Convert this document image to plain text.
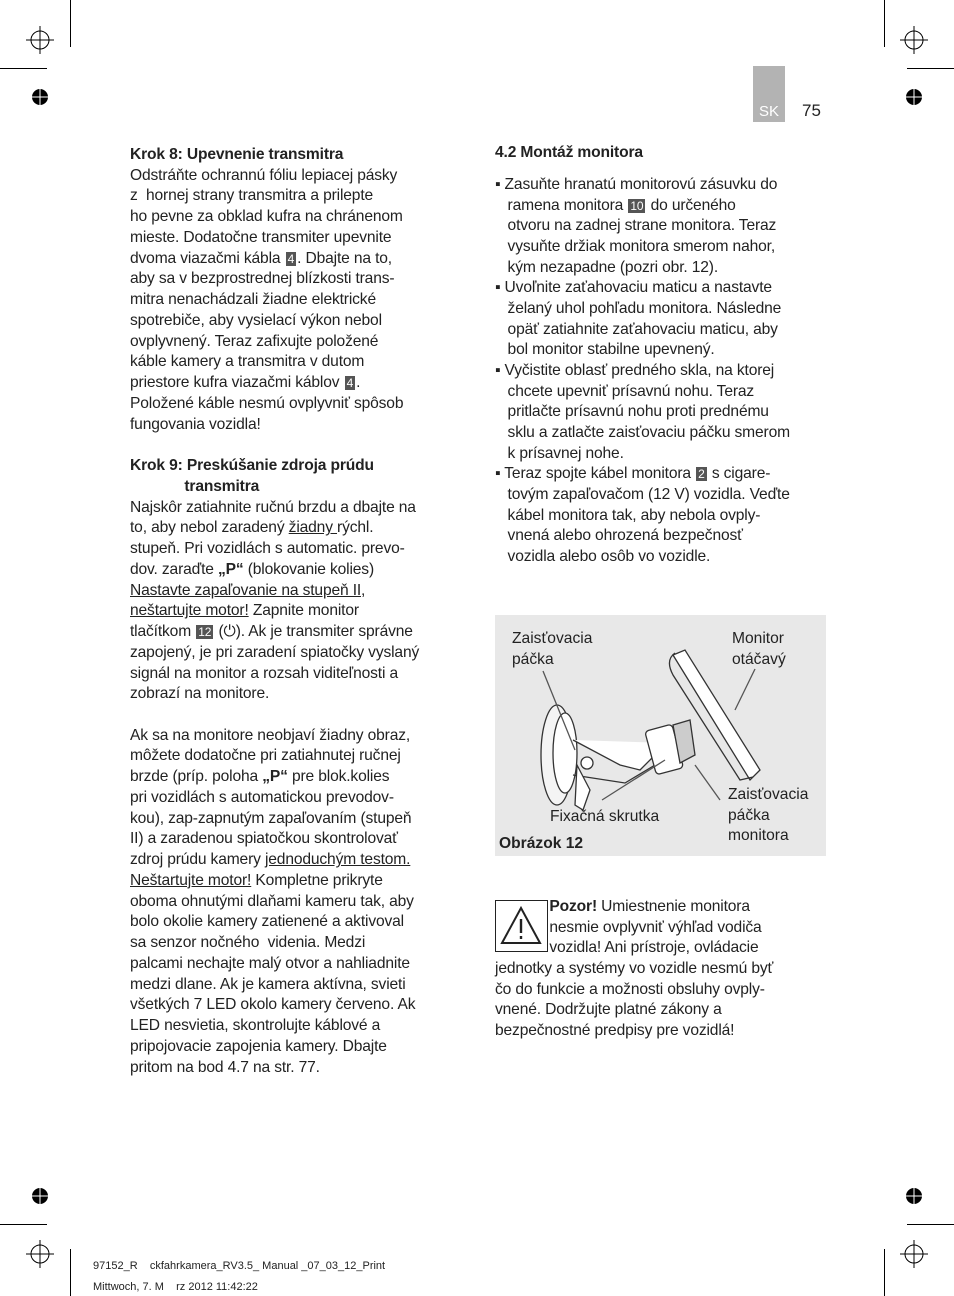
SK 75
Krok 8: Upevnenie transmitra
Odstráňte ochrannú fóliu lepiacej pásky
z  hornej strany transmitra a prilepte
ho pevne za obklad kufra na chránenom
mieste. Dodatočne transmiter upevnite
dvoma viazačmi kábla 4 . Dbajte na to,
aby sa v bezprostrednej blízkosti trans-
mitra nenachádzali žiadne elektrické
spotrebiče, aby vysielací výkon nebol
ovplyvnený. Teraz zafixujte položené
káble kamery a transmitra v dutom
priestore kufra viazačmi káblov 4 .
Položené káble nesmú ovplyvniť spôsob
fungovania vozidla!
Krok 9: Preskúšanie zdroja prúdu
transmitra
Najskôr zatiahnite ručnú brzdu a dbajte na
to, aby nebol zaradený žiadny rýchl.
stupeň. Pri vozidlách s automatic. prevo-
dov. zaraďte „P“ (blokovanie kolies)
Nastavte zapaľovanie na stupeň II,
neštartujte motor! Zapnite monitor
tlačítkom 12 (⏻). Ak je transmiter správne
zapojený, je pri zaradení spiatočky vyslaný
signál na monitor a rozsah viditeľnosti a
zobrazí na monitore.
Ak sa na monitore neobjaví žiadny obraz,
môžete dodatočne pri zatiahnutej ručnej
brzde (príp. poloha „P“ pre blok.kolies
pri vozidlách s automatickou prevodov-
kou), zap-zapnutým zapaľovaním (stupeň
II) a zaradenou spiatočkou skontrolovať
zdroj prúdu kamery jednoduchým testom.
Neštartujte motor! Kompletne prikryte
oboma ohnutými dlaňami kameru tak, aby
bolo okolie kamery zatienené a aktivoval
sa senzor nočného  videnia. Medzi
palcami nechajte malý otvor a nahliadnite
medzi dlane. Ak je kamera aktívna, svieti
všetkých 7 LED okolo kamery červeno. Ak
LED nesvietia, skontrolujte káblové a
pripojovacie zapojenia kamery. Dbajte
pritom na bod 4.7 na str. 77.
4.2 Montáž monitora
▪ Zasuňte hranatú monitorovú zásuvku do
ramena monitora 10 do určeného
otvoru na zadnej strane monitora. Teraz
vysuňte držiak monitora smerom nahor,
kým nezapadne (pozri obr. 12).
▪ Uvoľnite zaťahovaciu maticu a nastavte
želaný uhol pohľadu monitora. Následne
opäť zatiahnite zaťahovaciu maticu, aby
bol monitor stabilne upevnený.
▪ Vyčistite oblasť predného skla, na ktorej
chcete upevniť prísavnú nohu. Teraz
pritlačte prísavnú nohu proti prednému
sklu a zatlačte zaisťovaciu páčku smerom
k prísavnej nohe.
▪ Teraz spojte kábel monitora 2 s cigare-
tovým zapaľovačom (12 V) vozidla. Veďte
kábel monitora tak, aby nebola ovply-
vnená alebo ohrozená bezpečnosť
vozidla alebo osôb vo vozidle.
Zaisťovacia
páčka
Monitor
otáčavý
Fixačná skrutka
Zaisťovacia
páčka
monitora
Obrázok 12
Pozor! Umiestnenie monitora
nesmie ovplyvniť výhľad vodiča
vozidla! Ani prístroje, ovládacie
jednotky a systémy vo vozidle nesmú byť
čo do funkcie a možnosti obsluhy ovply-
vnené. Dodržujte platné zákony a
bezpečnostné predpisy pre vozidlá!
97152_R    ckfahrkamera_RV3.5_ Manual _07_03_12_Print
Mittwoch, 7. M    rz 2012 11:42:22
